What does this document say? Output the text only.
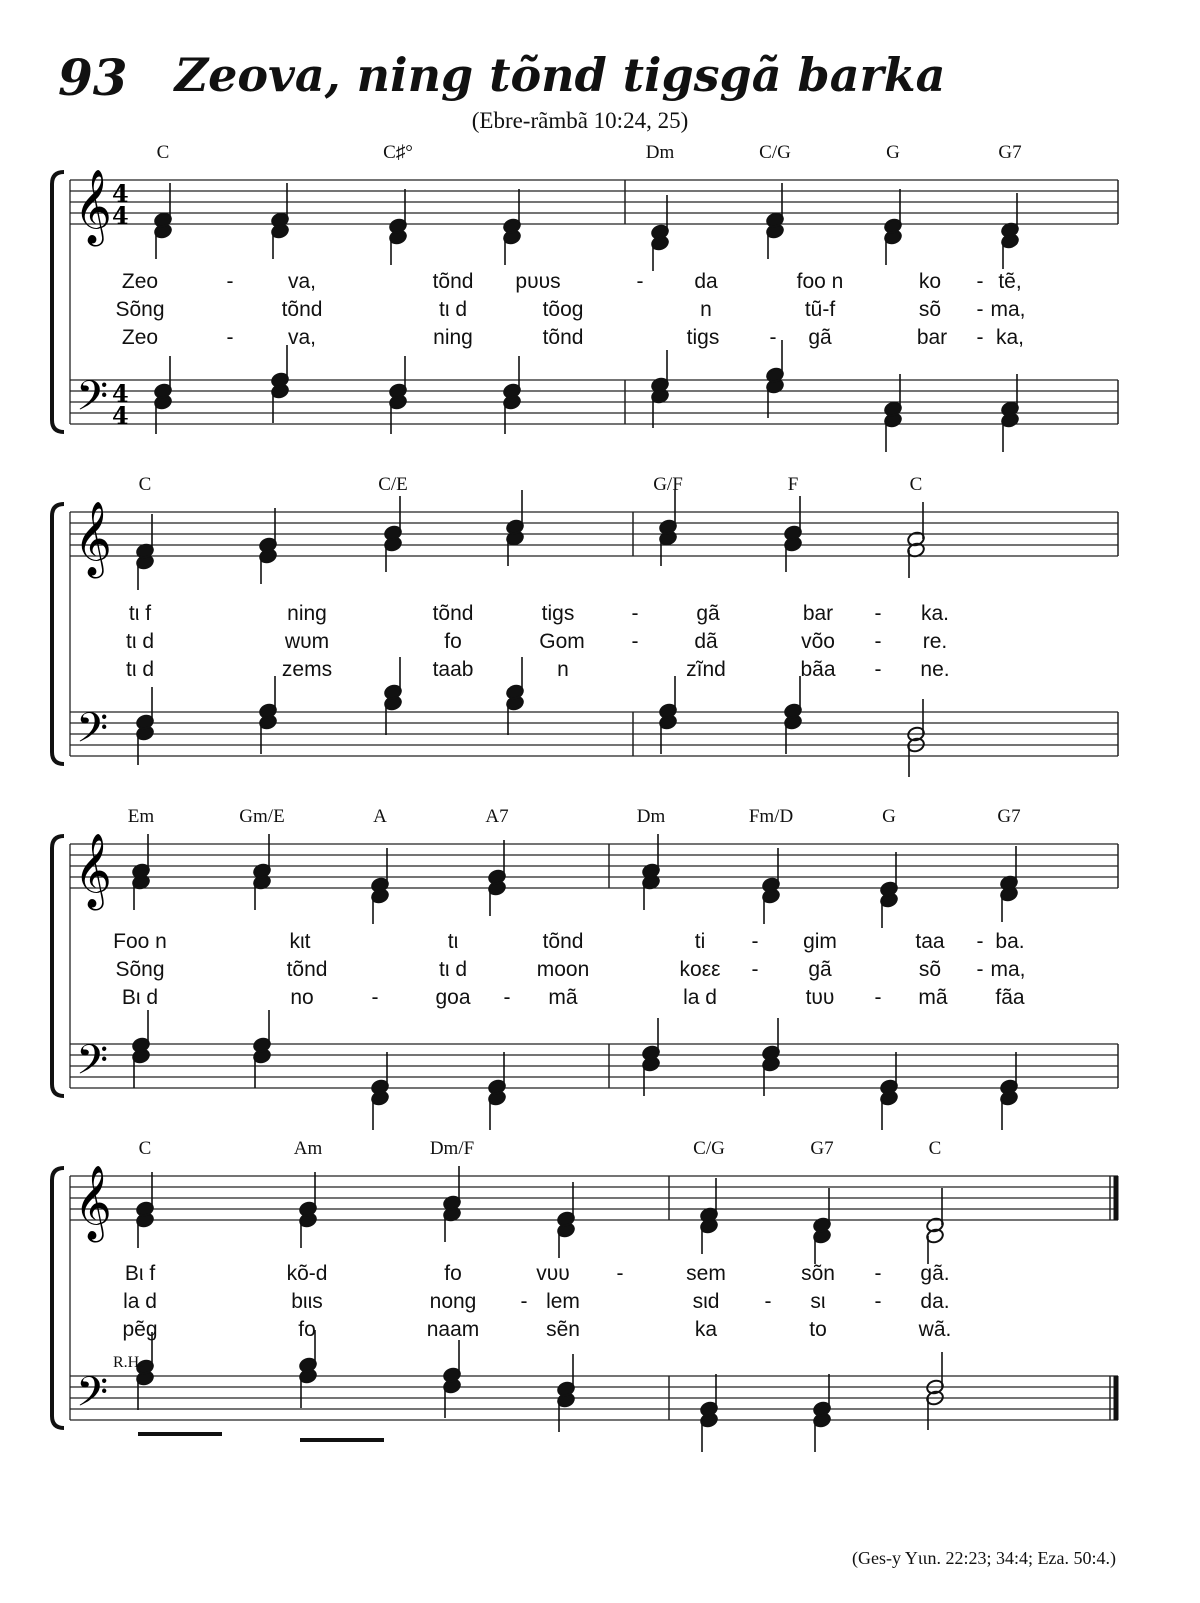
93	Zeova, ning tõnd tigsgã barka
(Ebre-rãmbã 10:24, 25)
𝄞
𝄢
4
4
4
4
𝄞
𝄢
𝄞
𝄢
𝄞
𝄢
C	C♯°	Dm	C/G	G	G7
Zeo	-	va,	tõnd pυυs	- da	foo n	ko - tẽ,
Sõng	tõnd	tι d	tõog	n	tũ-f	sõ - ma,
Zeo	-	va,	ning	tõnd	tigs - gã	bar - ka,
C	C/E	G/F	F	C
tι f	ning	tõnd	tigs	-	gã	bar - ka.
tι d	wυm	fo	Gom -	dã	võo - re.
tι d	zems	taab	n	zĩnd	bãa - ne.
Em	Gm/E	A	A7	Dm	Fm/D	G	G7
Foo n	kιt	tι	tõnd	ti - gim	taa - ba.
Sõng	tõnd	tι d	moon	koεε - gã	sõ - ma,
Bι d	no	-	goa - mã	la d	tυυ - mã fãa
C	Am	Dm/F	C/G	G7	C
Bι f	kõ-d	fo	vυυ -	sem	sõn - gã.
la d	bιιs	nong - lem	sιd - sι - da.
pẽg	fo	naam	sẽn	ka	to	wã.
R.H.
(Ges-y Yιιn. 22:23; 34:4; Eza. 50:4.)
